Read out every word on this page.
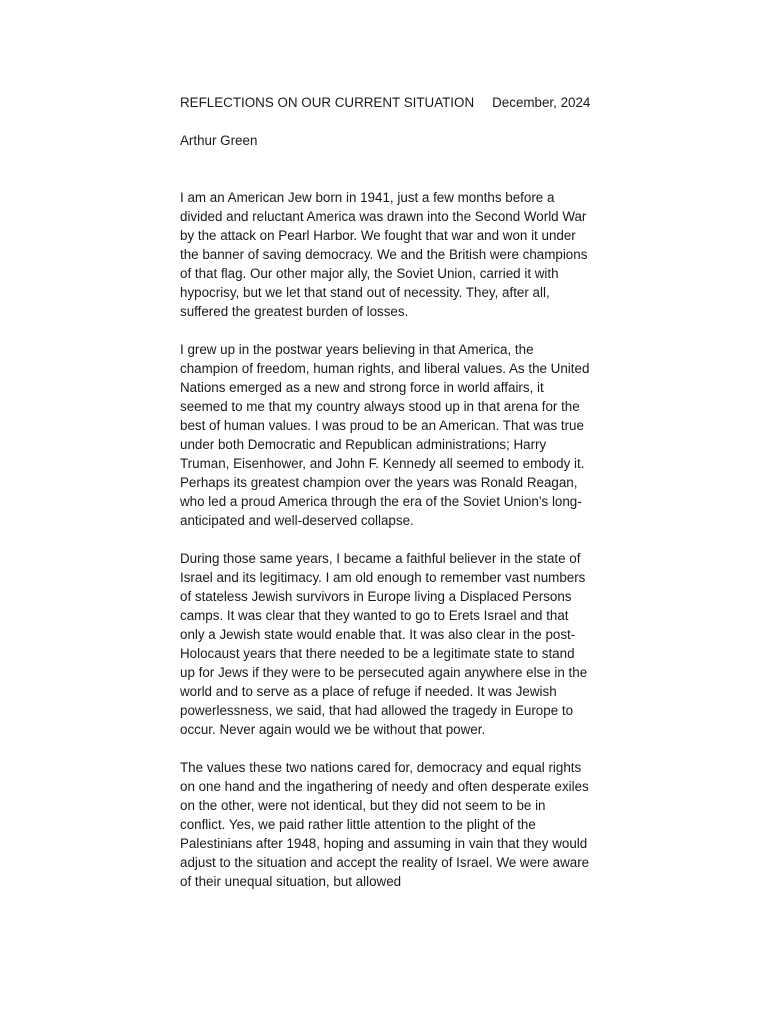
REFLECTIONS ON OUR CURRENT SITUATION December, 2024
Arthur Green

I am an American Jew born in 1941, just a few months before a divided and reluctant America was drawn into the Second World War by the attack on Pearl Harbor. We fought that war and won it under the banner of saving democracy. We and the British were champions of that flag. Our other major ally, the Soviet Union, carried it with hypocrisy, but we let that stand out of necessity. They, after all, suffered the greatest burden of losses.

I grew up in the postwar years believing in that America, the champion of freedom, human rights, and liberal values. As the United Nations emerged as a new and strong force in world affairs, it seemed to me that my country always stood up in that arena for the best of human values. I was proud to be an American. That was true under both Democratic and Republican administrations; Harry Truman, Eisenhower, and John F. Kennedy all seemed to embody it. Perhaps its greatest champion over the years was Ronald Reagan, who led a proud America through the era of the Soviet Union’s long-anticipated and well-deserved collapse.

During those same years, I became a faithful believer in the state of Israel and its legitimacy. I am old enough to remember vast numbers of stateless Jewish survivors in Europe living a Displaced Persons camps. It was clear that they wanted to go to Erets Israel and that only a Jewish state would enable that. It was also clear in the post-Holocaust years that there needed to be a legitimate state to stand up for Jews if they were to be persecuted again anywhere else in the world and to serve as a place of refuge if needed. It was Jewish powerlessness, we said, that had allowed the tragedy in Europe to occur. Never again would we be without that power.

The values these two nations cared for, democracy and equal rights on one hand and the ingathering of needy and often desperate exiles on the other, were not identical, but they did not seem to be in conflict. Yes, we paid rather little attention to the plight of the Palestinians after 1948, hoping and assuming in vain that they would adjust to the situation and accept the reality of Israel. We were aware of their unequal situation, but allowed
